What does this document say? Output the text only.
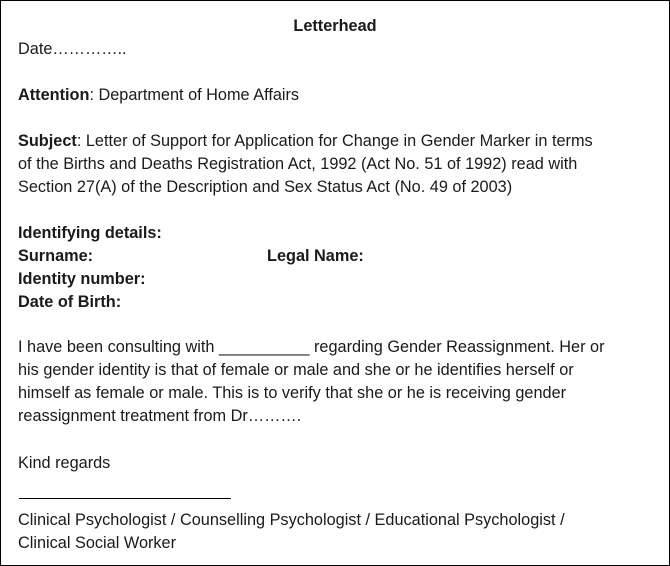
Letterhead
Date…………..
Attention: Department of Home Affairs
Subject: Letter of Support for Application for Change in Gender Marker in terms
of the Births and Deaths Registration Act, 1992 (Act No. 51 of 1992) read with
Section 27(A) of the Description and Sex Status Act (No. 49 of 2003)
Identifying details:
Surname:	Legal Name:
Identity number:
Date of Birth:
I have been consulting with __________ regarding Gender Reassignment. Her or
his gender identity is that of female or male and she or he identifies herself or
himself as female or male. This is to verify that she or he is receiving gender
reassignment treatment from Dr……….
Kind regards
Clinical Psychologist / Counselling Psychologist / Educational Psychologist /
Clinical Social Worker
